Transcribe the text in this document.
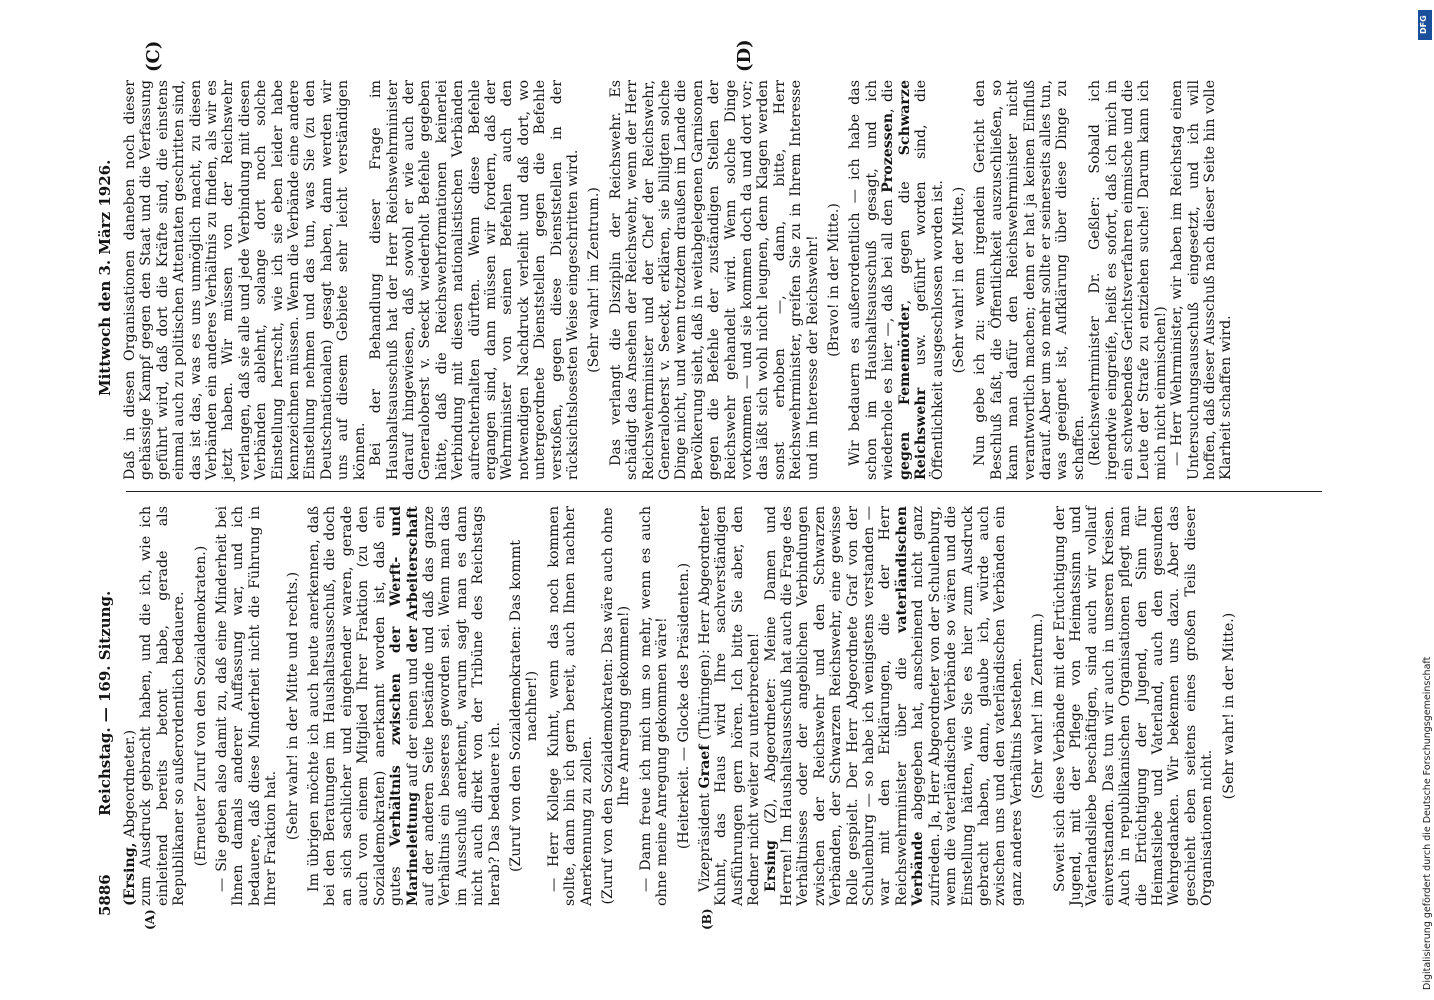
5886
Reichstag. — 169. Sitzung.
Mittwoch den 3. März 1926.
(A)	(B)
(C)	(D)

(Ersing, Abgeordneter.) zum Ausdruck gebracht haben, und die ich, wie ich einleitend bereits betont habe, gerade als Republikaner so außerordentlich bedauere. (Erneuter Zuruf von den Sozialdemokraten.) — Sie geben also damit zu, daß eine Minderheit bei Ihnen damals anderer Auffassung war, und ich bedauere, daß diese Minderheit nicht die Führung in Ihrer Fraktion hat. (Sehr wahr! in der Mitte und rechts.) Im übrigen möchte ich auch heute anerkennen, daß bei den Beratungen im Haushaltsausschuß, die doch an sich sachlicher und eingehender waren, gerade auch von einem Mitglied Ihrer Fraktion (zu den Sozialdemokraten) anerkannt worden ist, daß ein gutes Verhältnis zwischen der Werft- und Marineleitung auf der einen und der Arbeiterschaft auf der anderen Seite bestände und daß das ganze Verhältnis ein besseres geworden sei. Wenn man das im Ausschuß anerkennt, warum sagt man es dann nicht auch direkt von der Tribüne des Reichstags herab? Das bedauere ich. (Zuruf von den Sozialdemokraten: Das kommt nachher!) — Herr Kollege Kuhnt, wenn das noch kommen sollte, dann bin ich gern bereit, auch Ihnen nachher Anerkennung zu zollen. (Zuruf von den Sozialdemokraten: Das wäre auch ohne Ihre Anregung gekommen!) — Dann freue ich mich um so mehr, wenn es auch ohne meine Anregung gekommen wäre! (Heiterkeit. — Glocke des Präsidenten.) Vizepräsident Graef (Thüringen): Herr Abgeordneter Kuhnt, das Haus wird Ihre sachverständigen Ausführungen gern hören. Ich bitte Sie aber, den Redner nicht weiter zu unterbrechen! Ersing (Z), Abgeordneter: Meine Damen und Herren! Im Haushaltsausschuß hat auch die Frage des Verhältnisses oder der angeblichen Verbindungen zwischen der Reichswehr und den Schwarzen Verbänden, der Schwarzen Reichswehr, eine gewisse Rolle gespielt. Der Herr Abgeordnete Graf von der Schulenburg — so habe ich wenigstens verstanden — war mit den Erklärungen, die der Herr Reichswehrminister über die vaterländischen Verbände abgegeben hat, anscheinend nicht ganz zufrieden. Ja, Herr Abgeordneter von der Schulenburg, wenn die vaterländischen Verbände so wären und die Einstellung hätten, wie Sie es hier zum Ausdruck gebracht haben, dann, glaube ich, würde auch zwischen uns und den vaterländischen Verbänden ein ganz anderes Verhältnis bestehen. (Sehr wahr! im Zentrum.) Soweit sich diese Verbände mit der Ertüchtigung der Jugend, mit der Pflege von Heimatssinn und Vaterlandsliebe beschäftigen, sind auch wir vollauf einverstanden. Das tun wir auch in unseren Kreisen. Auch in republikanischen Organisationen pflegt man die Ertüchtigung der Jugend, den Sinn für Heimatsliebe und Vaterland, auch den gesunden Wehrgedanken. Wir bekennen uns dazu. Aber das geschieht eben seitens eines großen Teils dieser Organisationen nicht.

(Sehr wahr! in der Mitte.)

Daß in diesen Organisationen daneben noch dieser gehässige Kampf gegen den Staat und die Verfassung geführt wird, daß dort die Kräfte sind, die einstens einmal auch zu politischen Attentaten geschritten sind, das ist das, was es uns unmöglich macht, zu diesen Verbänden ein anderes Verhältnis zu finden, als wir es jetzt haben. Wir müssen von der Reichswehr verlangen, daß sie alle und jede Verbindung mit diesen Verbänden ablehnt, solange dort noch solche Einstellung herrscht, wie ich sie eben leider habe kennzeichnen müssen. Wenn die Verbände eine andere Einstellung nehmen und das tun, was Sie (zu den Deutschnationalen) gesagt haben, dann werden wir uns auf diesem Gebiete sehr leicht verständigen können. Bei der Behandlung dieser Frage im Haushaltsausschuß hat der Herr Reichswehrminister darauf hingewiesen, daß sowohl er wie auch der Generaloberst v. Seeckt wiederholt Befehle gegeben hätte, daß die Reichswehrformationen keinerlei Verbindung mit diesen nationalistischen Verbänden aufrechterhalten dürften. Wenn diese Befehle ergangen sind, dann müssen wir fordern, daß der Wehrminister von seinen Befehlen auch den notwendigen Nachdruck verleiht und daß dort, wo untergeordnete Dienststellen gegen die Befehle verstoßen, gegen diese Dienststellen in der rücksichtslosesten Weise eingeschritten wird. (Sehr wahr! im Zentrum.) Das verlangt die Disziplin der Reichswehr. Es schädigt das Ansehen der Reichswehr, wenn der Herr Reichswehrminister und der Chef der Reichswehr, Generaloberst v. Seeckt, erklären, sie billigten solche Dinge nicht, und wenn trotzdem draußen im Lande die Bevölkerung sieht, daß in weitabgelegenen Garnisonen gegen die Befehle der zuständigen Stellen der Reichswehr gehandelt wird. Wenn solche Dinge vorkommen — und sie kommen doch da und dort vor; das läßt sich wohl nicht leugnen, denn Klagen werden sonst erhoben —, dann, bitte, Herr Reichswehrminister, greifen Sie zu in Ihrem Interesse und im Interesse der Reichswehr! (Bravo! in der Mitte.) Wir bedauern es außerordentlich — ich habe das schon im Haushaltsausschuß gesagt, und ich wiederhole es hier —, daß bei all den Prozessen, die gegen Fememörder, gegen die Schwarze Reichswehr usw. geführt worden sind, die Öffentlichkeit ausgeschlossen worden ist. (Sehr wahr! in der Mitte.) Nun gebe ich zu: wenn irgendein Gericht den Beschluß faßt, die Öffentlichkeit auszuschließen, so kann man dafür den Reichswehrminister nicht verantwortlich machen; denn er hat ja keinen Einfluß darauf. Aber um so mehr sollte er seinerseits alles tun, was geeignet ist, Aufklärung über diese Dinge zu schaffen. (Reichswehrminister Dr. Geßler: Sobald ich irgendwie eingreife, heißt es sofort, daß ich mich in ein schwebendes Gerichtsverfahren einmische und die Leute der Strafe zu entziehen suche! Darum kann ich mich nicht einmischen!) — Herr Wehrminister, wir haben im Reichstag einen Untersuchungsausschuß eingesetzt, und ich will hoffen, daß dieser Ausschuß nach dieser Seite hin volle Klarheit schaffen wird.

Digitalisierung gefördert durch die Deutsche Forschungsgemeinschaft
DFG
